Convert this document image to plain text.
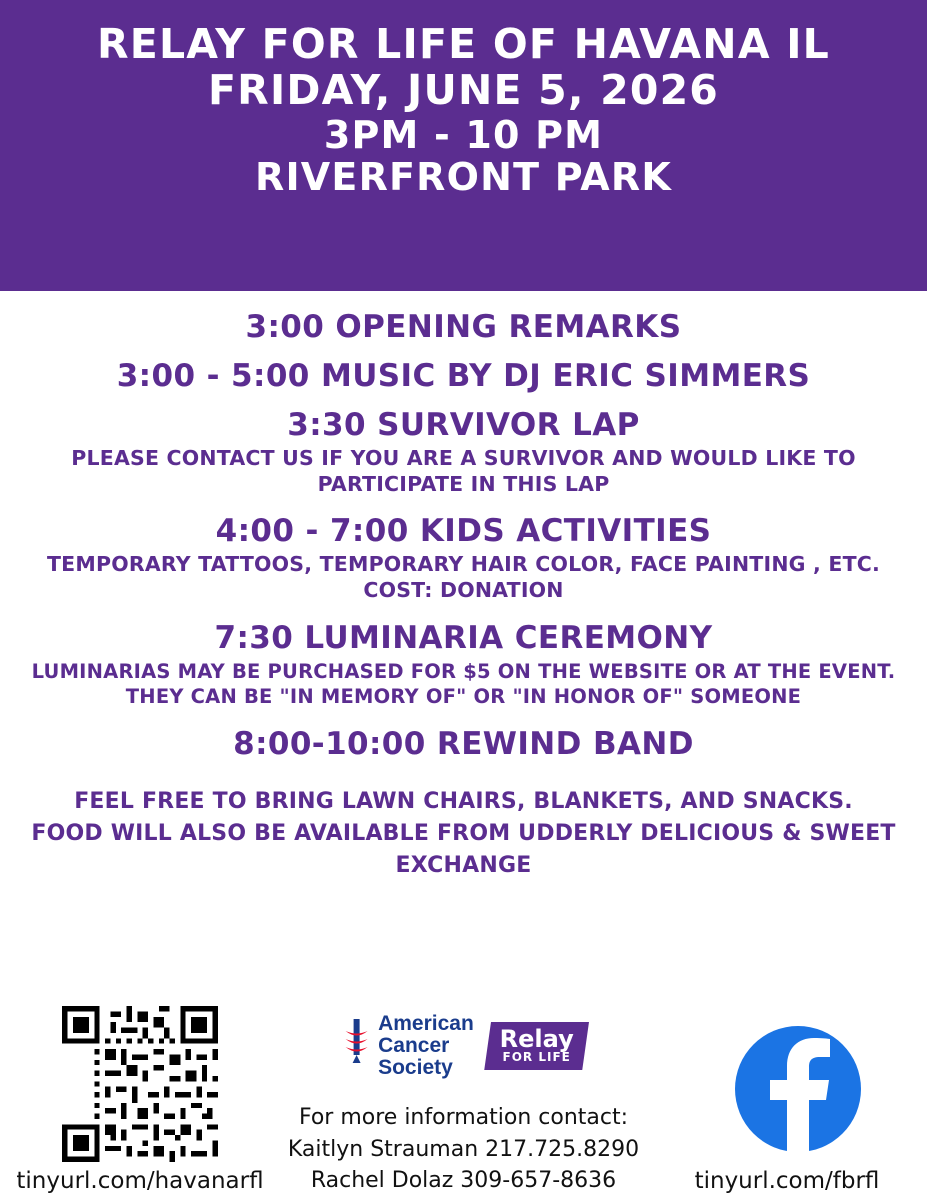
RELAY FOR LIFE OF HAVANA IL
FRIDAY, JUNE 5, 2026
3PM - 10 PM
RIVERFRONT PARK
3:00 OPENING REMARKS
3:00 - 5:00 MUSIC BY DJ ERIC SIMMERS
3:30 SURVIVOR LAP
PLEASE CONTACT US IF YOU ARE A SURVIVOR AND WOULD LIKE TO PARTICIPATE IN THIS LAP
4:00 - 7:00 KIDS ACTIVITIES
TEMPORARY TATTOOS, TEMPORARY HAIR COLOR, FACE PAINTING , ETC.
COST: DONATION
7:30 LUMINARIA CEREMONY
LUMINARIAS MAY BE PURCHASED FOR $5 ON THE WEBSITE OR AT THE EVENT.
THEY CAN BE "IN MEMORY OF" OR "IN HONOR OF" SOMEONE
8:00-10:00 REWIND BAND
FEEL FREE TO BRING LAWN CHAIRS, BLANKETS, AND SNACKS.
FOOD WILL ALSO BE AVAILABLE FROM UDDERLY DELICIOUS & SWEET EXCHANGE
tinyurl.com/havanarfl
American
Cancer
Society
Relay
FOR LIFE
For more information contact:
Kaitlyn Strauman 217.725.8290
Rachel Dolaz 309-657-8636	tinyurl.com/fbrfl
